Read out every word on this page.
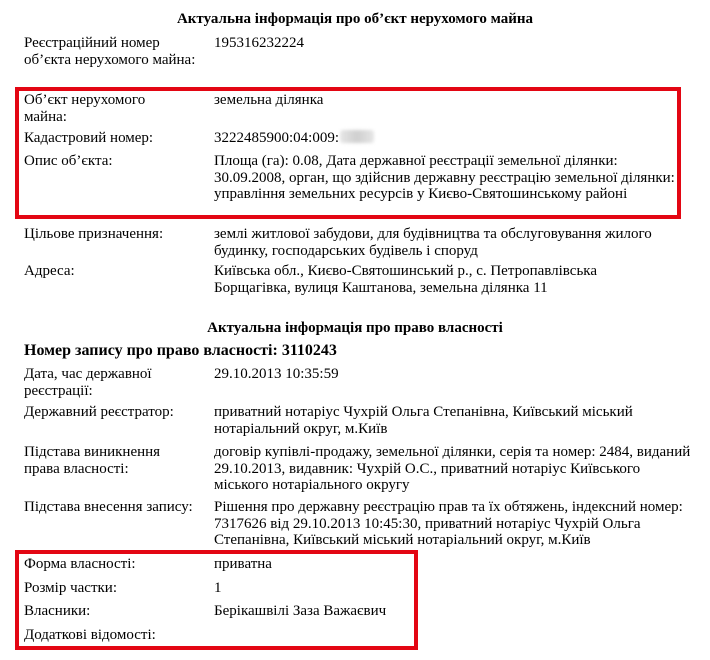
Актуальна інформація про об’єкт нерухомого майна
Реєстраційний номер об’єкта нерухомого майна:
195316232224
Об’єкт нерухомого майна:
земельна ділянка
Кадастровий номер:	3222485900:04:009:
Опис об’єкта:	Площа (га): 0.08, Дата державної реєстрації земельної ділянки: 30.09.2008, орган, що здійснив державну реєстрацію земельної ділянки: управління земельних ресурсів у Києво-Святошинському районі
Цільове призначення:	землі житлової забудови, для будівництва та обслуговування жилого будинку, господарських будівель і споруд
Адреса:	Київська обл., Києво-Святошинський р., с. Петропавлівська Борщагівка, вулиця Каштанова, земельна ділянка 11
Актуальна інформація про право власності
Номер запису про право власності: 3110243
Дата, час державної реєстрації:
29.10.2013 10:35:59
Державний реєстратор:	приватний нотаріус Чухрій Ольга Степанівна, Київський міський нотаріальний округ, м.Київ
Підстава виникнення права власності:
договір купівлі-продажу, земельної ділянки, серія та номер: 2484, виданий 29.10.2013, видавник: Чухрій О.С., приватний нотаріус Київського міського нотаріального округу
Підстава внесення запису:	Рішення про державну реєстрацію прав та їх обтяжень, індексний номер: 7317626 від 29.10.2013 10:45:30, приватний нотаріус Чухрій Ольга Степанівна, Київський міський нотаріальний округ, м.Київ
Форма власності:	приватна
Розмір частки:	1
Власники:	Берікашвілі Заза Важаєвич
Додаткові відомості:
